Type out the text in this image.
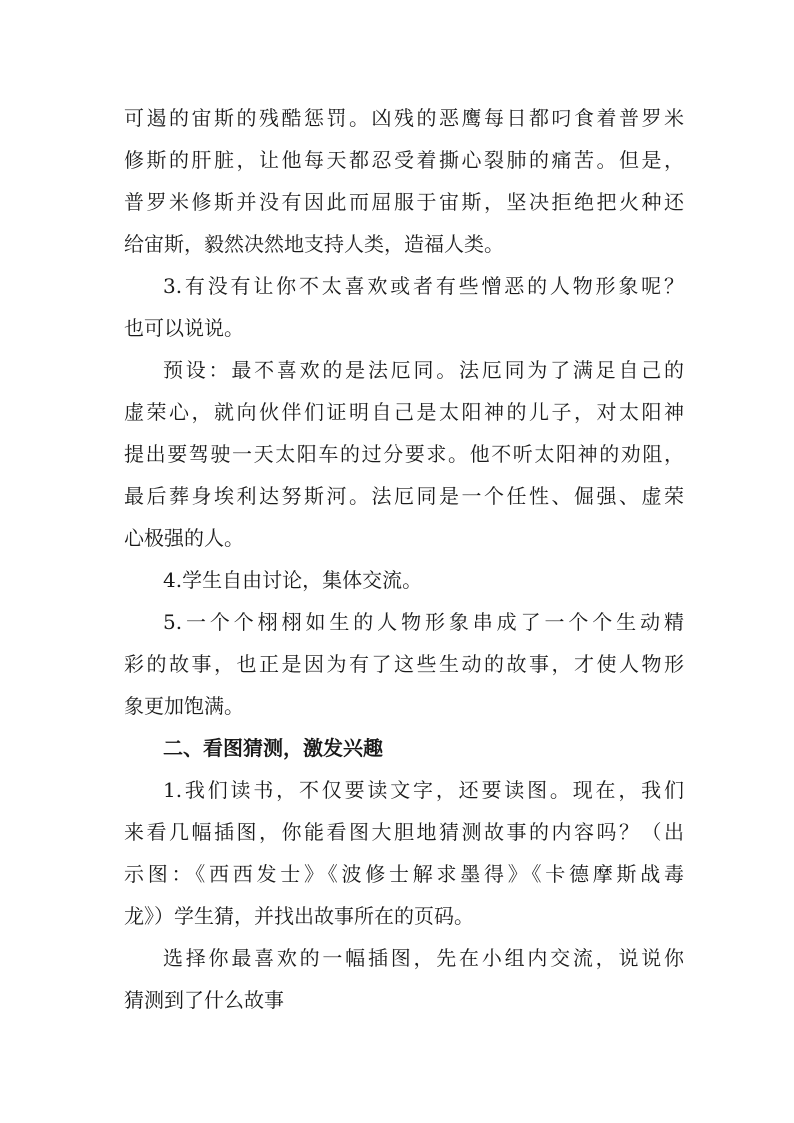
可遏的宙斯的残酷惩罚。凶残的恶鹰每日都叼食着普罗米
修斯的肝脏，让他每天都忍受着撕心裂肺的痛苦。但是，
普罗米修斯并没有因此而屈服于宙斯，坚决拒绝把火种还
给宙斯，毅然决然地支持人类，造福人类。
3.有没有让你不太喜欢或者有些憎恶的人物形象呢？
也可以说说。
预设：最不喜欢的是法厄同。法厄同为了满足自己的
虚荣心，就向伙伴们证明自己是太阳神的儿子，对太阳神
提出要驾驶一天太阳车的过分要求。他不听太阳神的劝阻，
最后葬身埃利达努斯河。法厄同是一个任性、倔强、虚荣
心极强的人。
4.学生自由讨论，集体交流。
5.一个个栩栩如生的人物形象串成了一个个生动精
彩的故事，也正是因为有了这些生动的故事，才使人物形
象更加饱满。
二、看图猜测，激发兴趣
1.我们读书，不仅要读文字，还要读图。现在，我们
来看几幅插图，你能看图大胆地猜测故事的内容吗？（出
示图：《西西发士》《波修士解求墨得》《卡德摩斯战毒
龙》）学生猜，并找出故事所在的页码。
选择你最喜欢的一幅插图，先在小组内交流，说说你
猜测到了什么故事
